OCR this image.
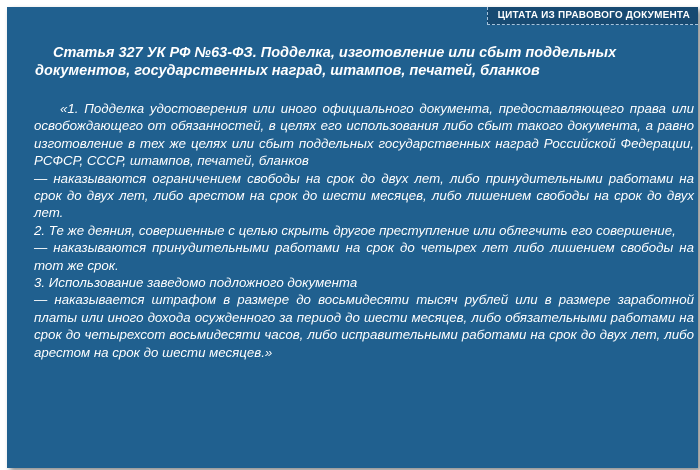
ЦИТАТА ИЗ ПРАВОВОГО ДОКУМЕНТА
Статья 327 УК РФ №63-ФЗ. Подделка, изготовление или сбыт поддельных документов, государственных наград, штампов, печатей, бланков

«1. Подделка удостоверения или иного официального документа, предоставляющего права или освобождающего от обязанностей, в целях его использования либо сбыт такого документа, а равно изготовление в тех же целях или сбыт поддельных государственных наград Российской Федерации, РСФСР, СССР, штампов, печатей, бланков

— наказываются ограничением свободы на срок до двух лет, либо принудительными работами на срок до двух лет, либо арестом на срок до шести месяцев, либо лишением свободы на срок до двух лет.

2. Те же деяния, совершенные с целью скрыть другое преступление или облегчить его совершение,

— наказываются принудительными работами на срок до четырех лет либо лишением свободы на тот же срок.

3. Использование заведомо подложного документа

— наказывается штрафом в размере до восьмидесяти тысяч рублей или в размере заработной платы или иного дохода осужденного за период до шести месяцев, либо обязательными работами на срок до четырехсот восьмидесяти часов, либо исправительными работами на срок до двух лет, либо арестом на срок до шести месяцев.»
